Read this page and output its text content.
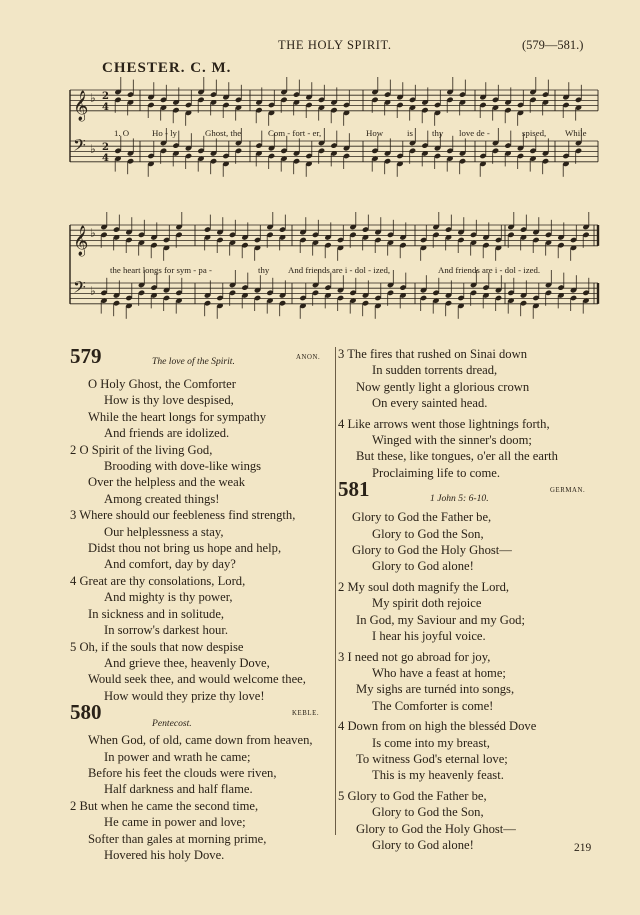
THE HOLY SPIRIT.	(579—581.)
CHESTER. C. M.
𝄞 ♭ 2
4
𝄢 ♭ 2
4
𝄞 ♭
𝄢 ♭
1. O	Ho - ly	Ghost, the	Com - fort - er,	How	is thy love de -	spised, While
the heart longs for sym - pa -	thy And friends are i - dol - ized,	And friends are i - dol - ized.
579	The love of the Spirit.	ANON.
O Holy Ghost, the Comforter
How is thy love despised,
While the heart longs for sympathy
And friends are idolized.
2 O Spirit of the living God,
Brooding with dove-like wings
Over the helpless and the weak
Among created things!
3 Where should our feebleness find strength,
Our helplessness a stay,
Didst thou not bring us hope and help,
And comfort, day by day?
4 Great are thy consolations, Lord,
And mighty is thy power,
In sickness and in solitude,
In sorrow's darkest hour.
5 Oh, if the souls that now despise
And grieve thee, heavenly Dove,
Would seek thee, and would welcome thee,
How would they prize thy love!
580	Pentecost.
KEBLE.
When God, of old, came down from heaven,
In power and wrath he came;
Before his feet the clouds were riven,
Half darkness and half flame.
2 But when he came the second time,
He came in power and love;
Softer than gales at morning prime,
Hovered his holy Dove.
3 The fires that rushed on Sinai down
In sudden torrents dread,
Now gently light a glorious crown
On every sainted head.
4 Like arrows went those lightnings forth,
Winged with the sinner's doom;
But these, like tongues, o'er all the earth
Proclaiming life to come.
581	1 John 5: 6-10.
GERMAN.
Glory to God the Father be,
Glory to God the Son,
Glory to God the Holy Ghost—
Glory to God alone!
2 My soul doth magnify the Lord,
My spirit doth rejoice
In God, my Saviour and my God;
I hear his joyful voice.
3 I need not go abroad for joy,
Who have a feast at home;
My sighs are turnéd into songs,
The Comforter is come!
4 Down from on high the blesséd Dove
Is come into my breast,
To witness God's eternal love;
This is my heavenly feast.
5 Glory to God the Father be,
Glory to God the Son,
Glory to God the Holy Ghost—
Glory to God alone!	219
